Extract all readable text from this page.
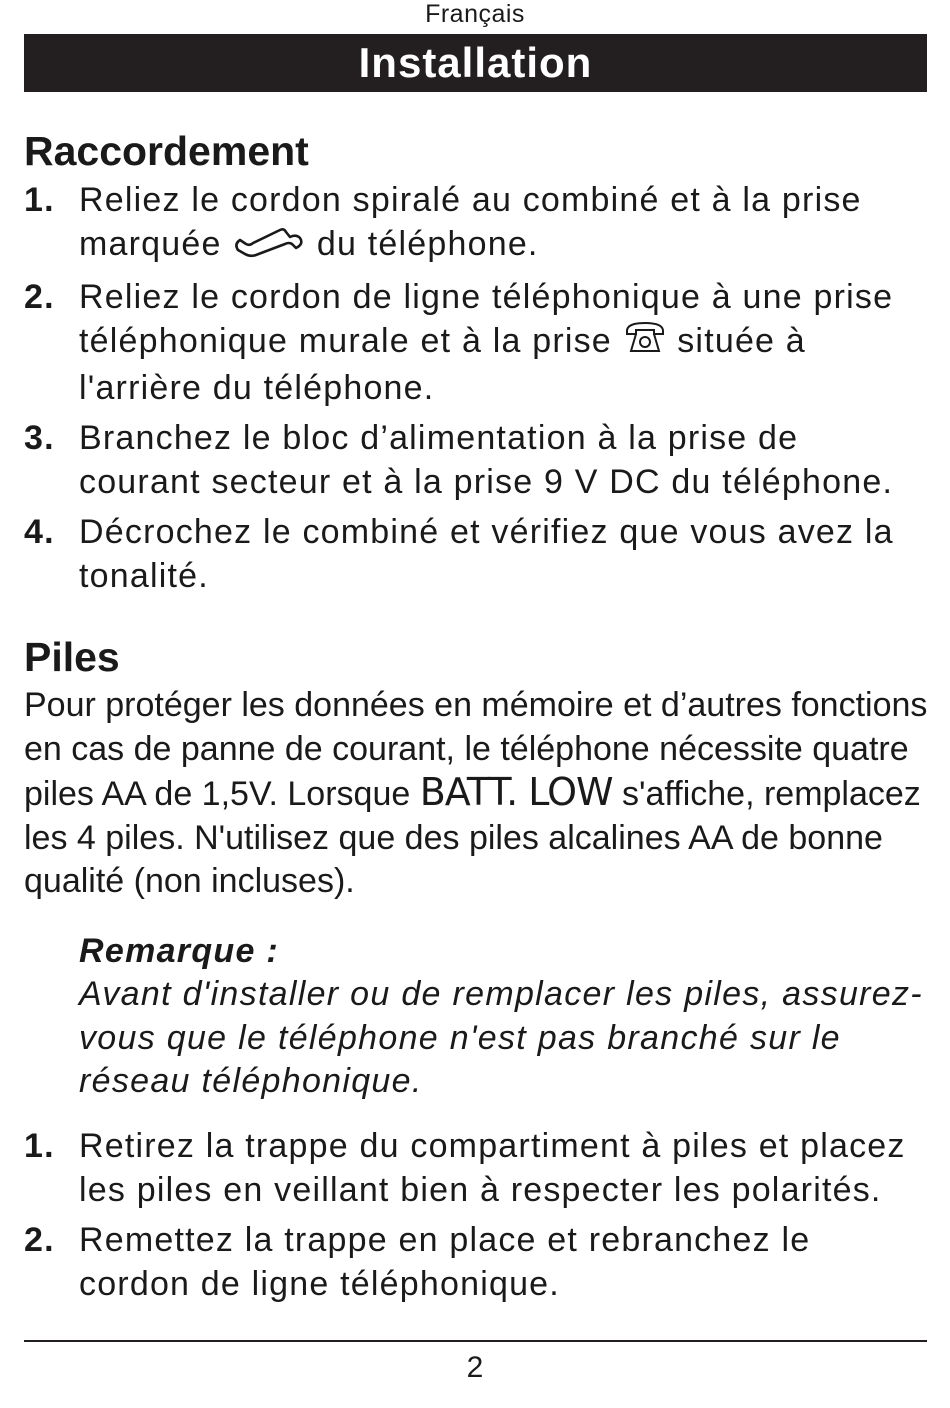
Français
Installation
Raccordement
1. Reliez le cordon spiralé au combiné et à la prise marquée	du téléphone.
2. Reliez le cordon de ligne téléphonique à une prise téléphonique murale et à la prise située à l'arrière du téléphone.
3. Branchez le bloc d’alimentation à la prise de courant secteur et à la prise 9 V DC du téléphone.
4. Décrochez le combiné et vérifiez que vous avez la tonalité.
Piles

Pour protéger les données en mémoire et d’autres fonctions en cas de panne de courant, le téléphone nécessite quatre piles AA de 1,5V. Lorsque BATT. LOW s'affiche, remplacez les 4 piles. N'utilisez que des piles alcalines AA de bonne qualité (non incluses).

Remarque :
Avant d'installer ou de remplacer les piles, assurez-vous que le téléphone n'est pas branché sur le réseau téléphonique.
1. Retirez la trappe du compartiment à piles et placez les piles en veillant bien à respecter les polarités.
2. Remettez la trappe en place et rebranchez le cordon de ligne téléphonique.
2
